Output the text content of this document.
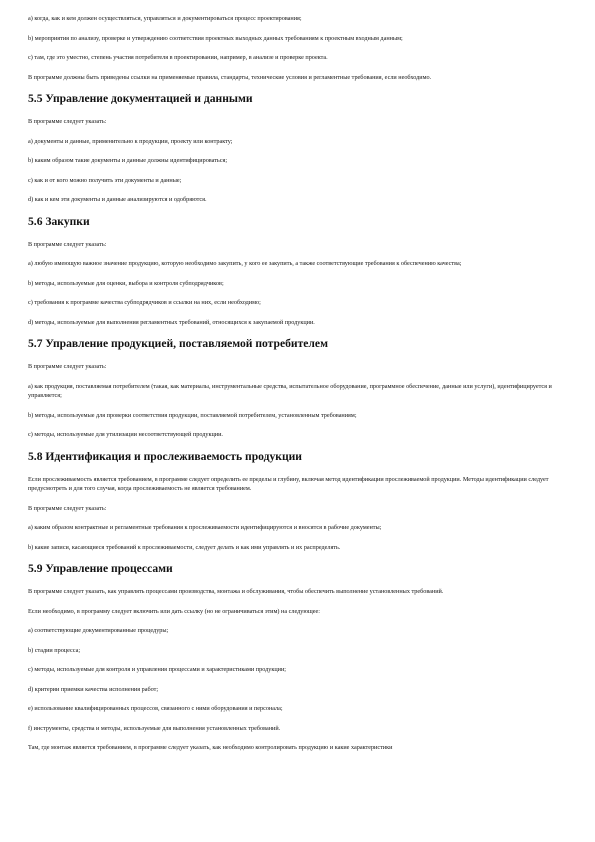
a) когда, как и кем должен осуществляться, управляться и документироваться процесс проектирования;

b) мероприятия по анализу, проверке и утверждению соответствия проектных выходных данных требованиям к проектным входным данным;

c) там, где это уместно, степень участия потребителя в проектировании, например, в анализе и проверке проекта.

В программе должны быть приведены ссылки на применяемые правила, стандарты, технические условия и регламентные требования, если необходимо.

5.5 Управление документацией и данными

В программе следует указать:

a) документы и данные, применительно к продукции, проекту или контракту;

b) каким образом такие документы и данные должны идентифицироваться;

c) как и от кого можно получить эти документы и данные;

d) как и кем эти документы и данные анализируются и одобряются.

5.6 Закупки

В программе следует указать:

a) любую имеющую важное значение продукцию, которую необходимо закупить, у кого ее закупить, а также соответствующие требования к обеспечению качества;

b) методы, используемые для оценки, выбора и контроля субподрядчиков;

c) требования к программе качества субподрядчиков и ссылки на них, если необходимо;

d) методы, используемые для выполнения регламентных требований, относящихся к закупаемой продукции.

5.7 Управление продукцией, поставляемой потребителем

В программе следует указать:

a) как продукция, поставляемая потребителем (такая, как материалы, инструментальные средства, испытательное оборудование, программное обеспечение, данные или услуги), идентифицируется и управляется;

b) методы, используемые для проверки соответствия продукции, поставляемой потребителем, установленным требованиям;

c) методы, используемые для утилизации несоответствующей продукции.

5.8 Идентификация и прослеживаемость продукции

Если прослеживаемость является требованием, в программе следует определить ее пределы и глубину, включая метод идентификации прослеживаемой продукции. Методы идентификации следует предусмотреть и для того случая, когда прослеживаемость не является требованием.

В программе следует указать:

a) каким образом контрактные и регламентные требования к прослеживаемости идентифицируются и вносятся в рабочие документы;

b) какие записи, касающиеся требований к прослеживаемости, следует делать и как ими управлять и их распределять.

5.9 Управление процессами

В программе следует указать, как управлять процессами производства, монтажа и обслуживания, чтобы обеспечить выполнение установленных требований.

Если необходимо, в программу следует включить или дать ссылку (но не ограничиваться этим) на следующее:

a) соответствующие документированные процедуры;

b) стадии процесса;

c) методы, используемые для контроля и управления процессами и характеристиками продукции;

d) критерии приемки качества исполнения работ;

e) использование квалифицированных процессов, связанного с ними оборудования и персонала;

f) инструменты, средства и методы, используемые для выполнения установленных требований.

Там, где монтаж является требованием, в программе следует указать, как необходимо контролировать продукцию и какие характеристики
